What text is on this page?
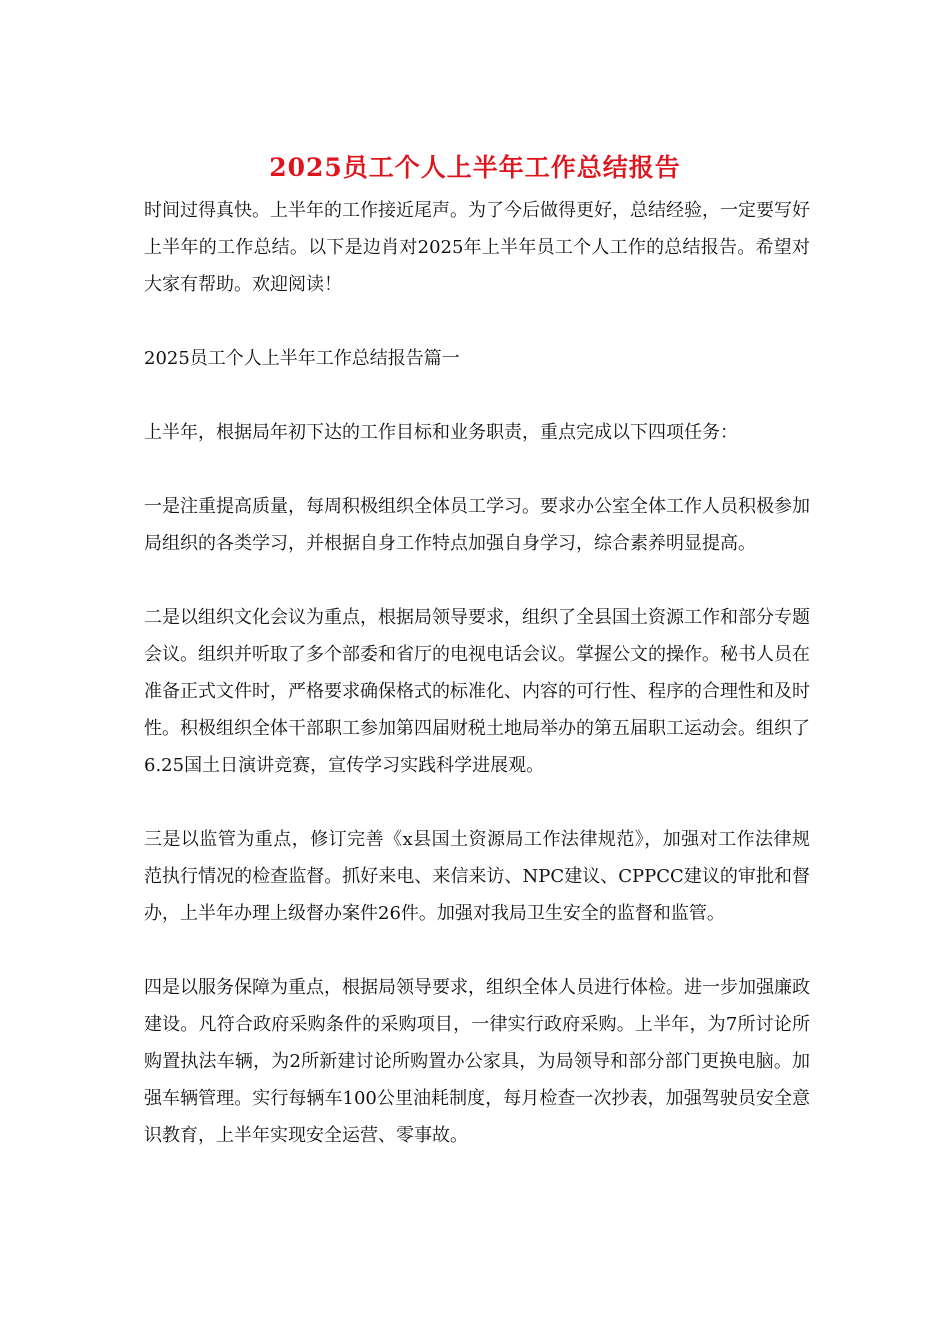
2025员工个人上半年工作总结报告

时间过得真快。上半年的工作接近尾声。为了今后做得更好，总结经验，一定要写好上半年的工作总结。以下是边肖对2025年上半年员工个人工作的总结报告。希望对大家有帮助。欢迎阅读！

2025员工个人上半年工作总结报告篇一

上半年，根据局年初下达的工作目标和业务职责，重点完成以下四项任务：

一是注重提高质量，每周积极组织全体员工学习。要求办公室全体工作人员积极参加局组织的各类学习，并根据自身工作特点加强自身学习，综合素养明显提高。

二是以组织文化会议为重点，根据局领导要求，组织了全县国土资源工作和部分专题会议。组织并听取了多个部委和省厅的电视电话会议。掌握公文的操作。秘书人员在准备正式文件时，严格要求确保格式的标准化、内容的可行性、程序的合理性和及时性。积极组织全体干部职工参加第四届财税土地局举办的第五届职工运动会。组织了6.25国土日演讲竞赛，宣传学习实践科学进展观。

三是以监管为重点，修订完善《x县国土资源局工作法律规范》，加强对工作法律规范执行情况的检查监督。抓好来电、来信来访、NPC建议、CPPCC建议的审批和督办，上半年办理上级督办案件26件。加强对我局卫生安全的监督和监管。

四是以服务保障为重点，根据局领导要求，组织全体人员进行体检。进一步加强廉政建设。凡符合政府采购条件的采购项目，一律实行政府采购。上半年，为7所讨论所购置执法车辆，为2所新建讨论所购置办公家具，为局领导和部分部门更换电脑。加强车辆管理。实行每辆车100公里油耗制度，每月检查一次抄表，加强驾驶员安全意识教育，上半年实现安全运营、零事故。
